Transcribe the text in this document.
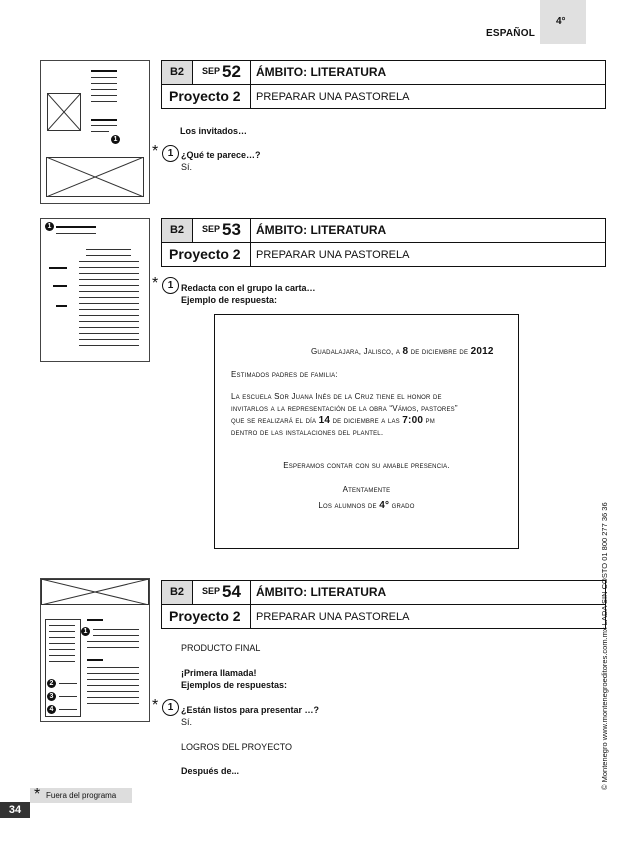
ESPAÑOL
4°
1
B2	SEP 52 ÁMBITO: LITERATURA
Proyecto 2 PREPARAR UNA PASTORELA
Los invitados…
* 1 ¿Qué te parece…?
Sí.
1	B2	SEP 53 ÁMBITO: LITERATURA
Proyecto 2 PREPARAR UNA PASTORELA
* 1 Redacta con el grupo la carta…
Ejemplo de respuesta:
Guadalajara, Jalisco, a 8 de diciembre de 2012
Estimados padres de familia:
La escuela Sor Juana Inés de la Cruz tiene el honor de
invitarlos a la representación de la obra “Vámos, pastores”
que se realizará el día 14 de diciembre a las 7:00 pm
dentro de las instalaciones del plantel.
Esperamos contar con su amable presencia.
Atentamente
Los alumnos de 4° grado
1
2
3
4
B2	SEP 54 ÁMBITO: LITERATURA
Proyecto 2 PREPARAR UNA PASTORELA
PRODUCTO FINAL
¡Primera llamada!
Ejemplos de respuestas:
* 1 ¿Están listos para presentar …?
Sí.
LOGROS DEL PROYECTO
Después de...	© Montenegro www.montenegroeditores.com.mx LADA SIN COSTO 01 800 277 36 36
* Fuera del programa
34
